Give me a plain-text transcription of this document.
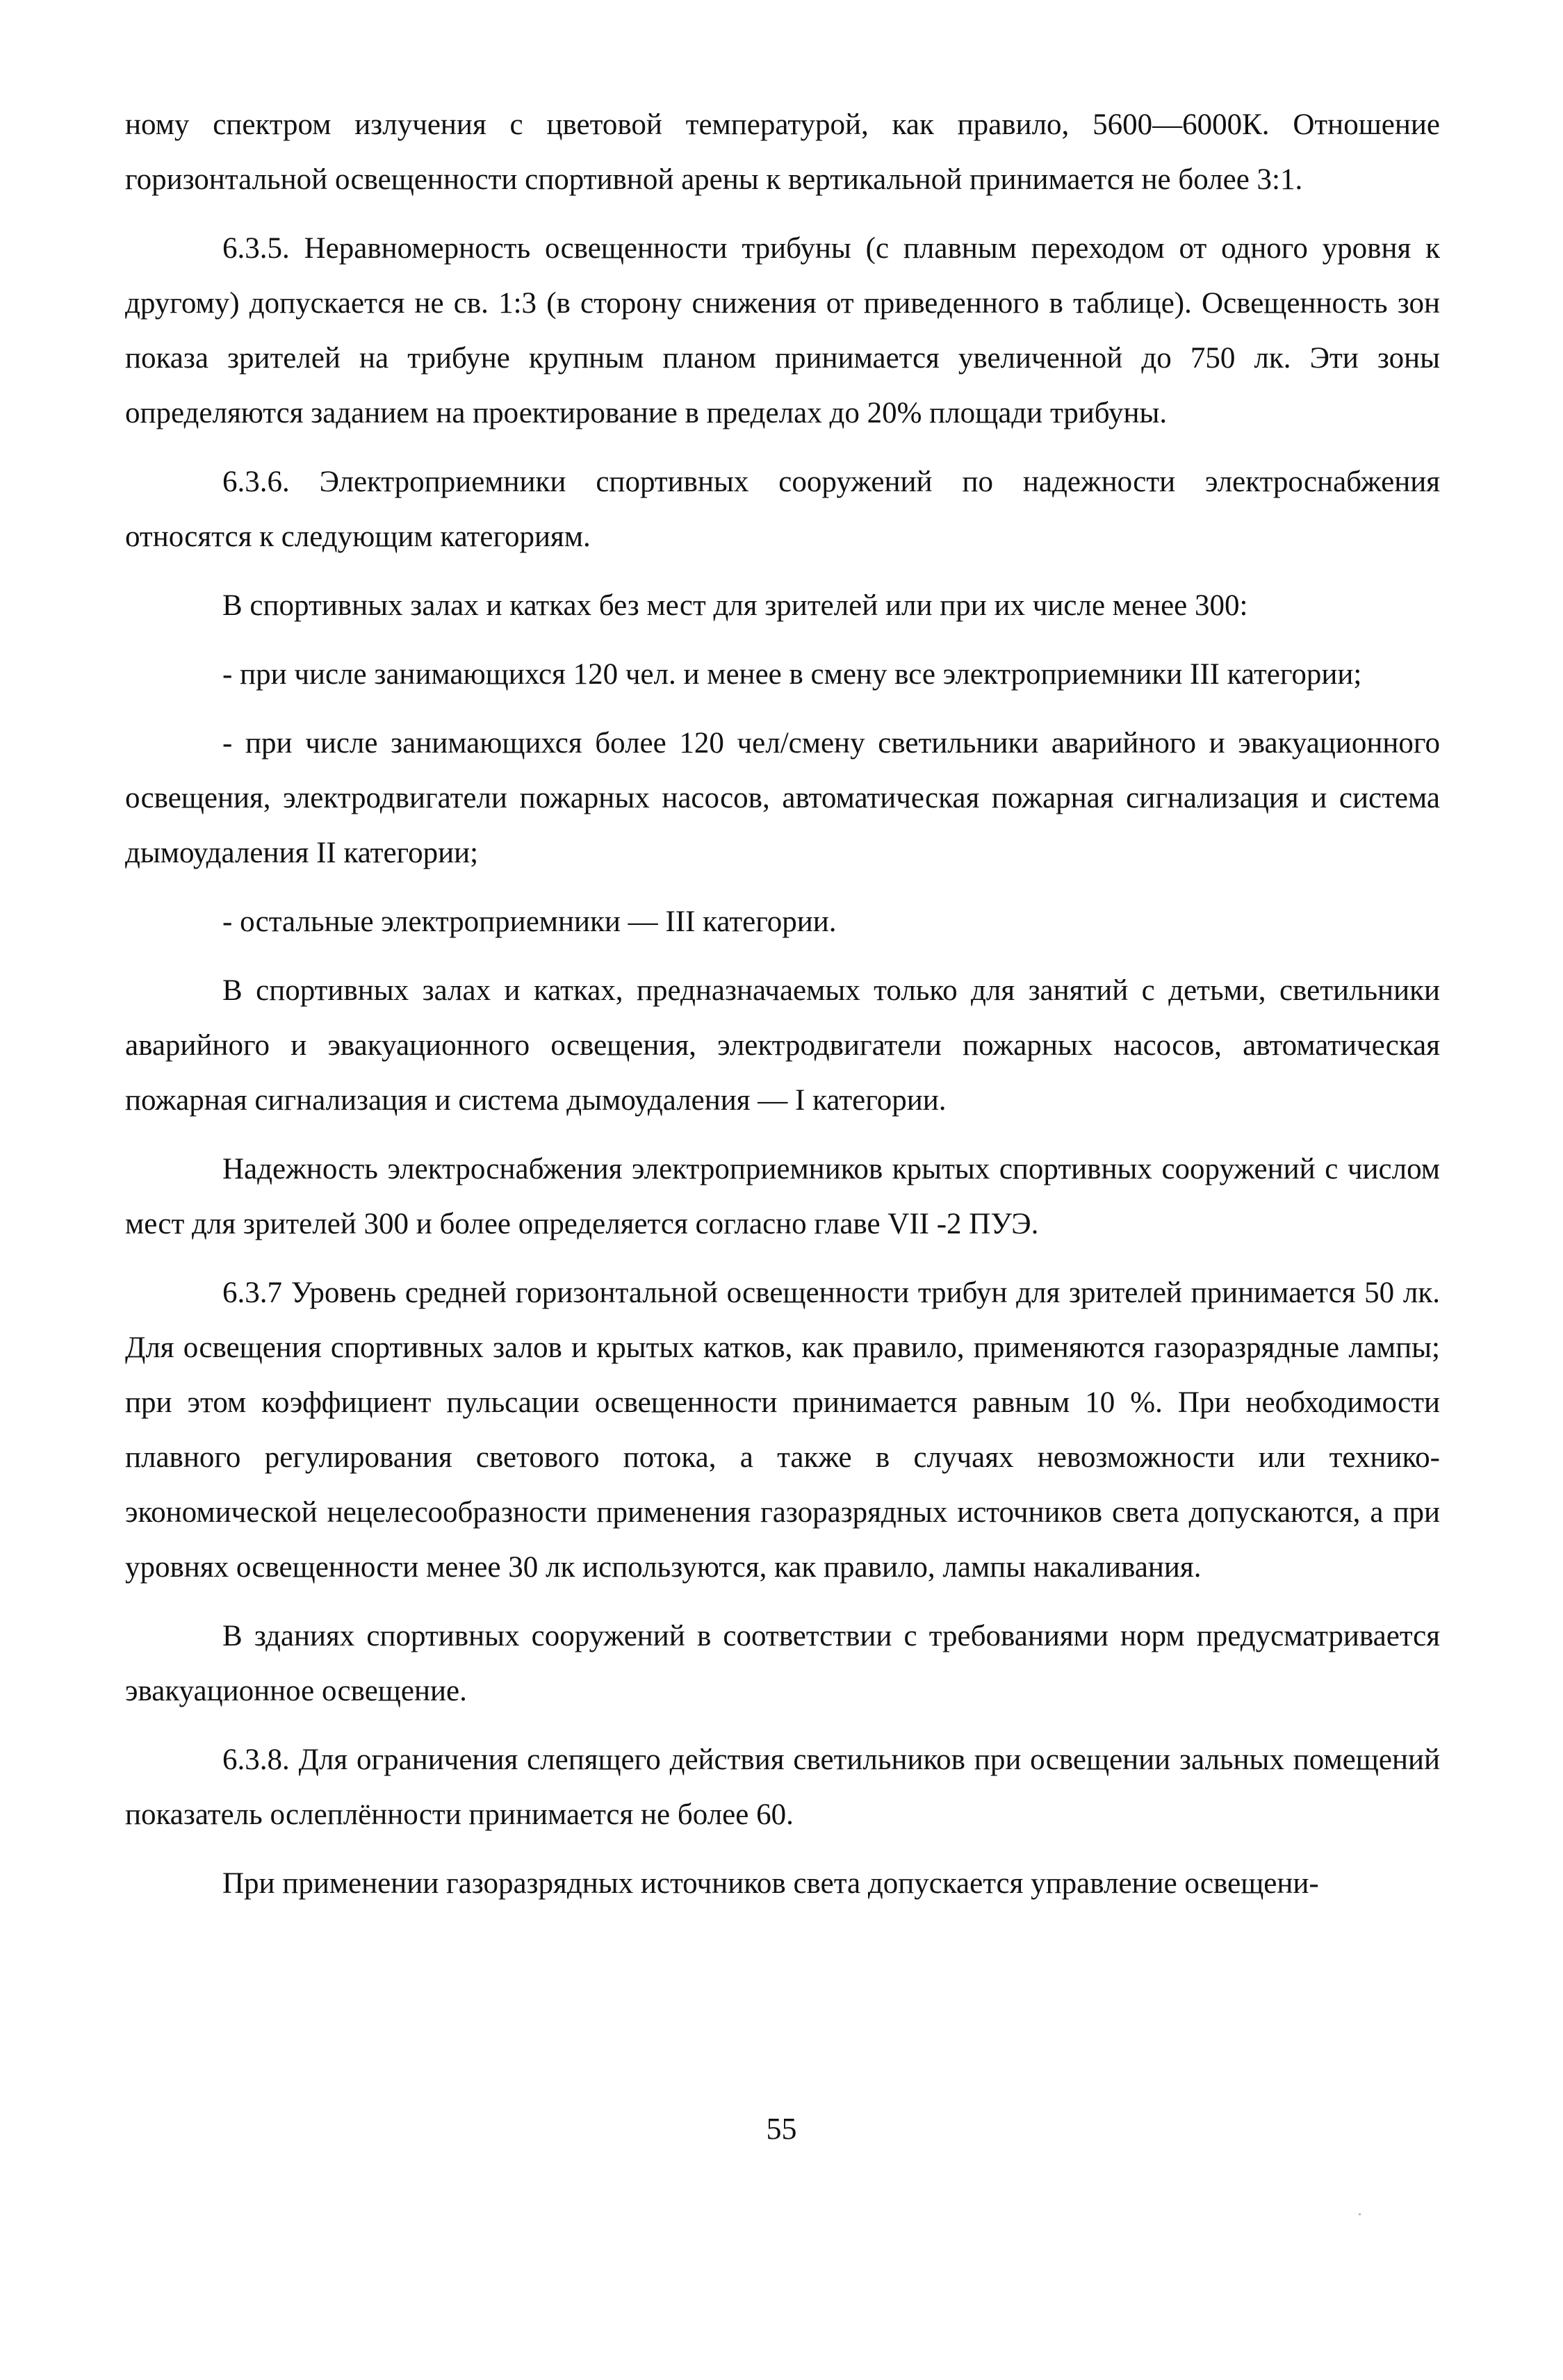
ному спектром излучения с цветовой температурой, как правило, 5600—6000К. Отношение горизонтальной освещенности спортивной арены к вертикальной принимается не более 3:1.

6.3.5. Неравномерность освещенности трибуны (с плавным переходом от одного уровня к другому) допускается не св. 1:3 (в сторону снижения от приведенного в таблице). Освещенность зон показа зрителей на трибуне крупным планом принимается увеличенной до 750 лк. Эти зоны определяются заданием на проектирование в пределах до 20% площади трибуны.

6.3.6. Электроприемники спортивных сооружений по надежности электроснабжения относятся к следующим категориям.

В спортивных залах и катках без мест для зрителей или при их числе менее 300:

- при числе занимающихся 120 чел. и менее в смену все электроприемники III категории;

- при числе занимающихся более 120 чел/смену светильники аварийного и эвакуационного освещения, электродвигатели пожарных насосов, автоматическая пожарная сигнализация и система дымоудаления II категории;

- остальные электроприемники — III категории.

В спортивных залах и катках, предназначаемых только для занятий с детьми, светильники аварийного и эвакуационного освещения, электродвигатели пожарных насосов, автоматическая пожарная сигнализация и система дымоудаления — I категории.

Надежность электроснабжения электроприемников крытых спортивных сооружений с числом мест для зрителей 300 и более определяется согласно главе VII -2 ПУЭ.

6.3.7 Уровень средней горизонтальной освещенности трибун для зрителей принимается 50 лк. Для освещения спортивных залов и крытых катков, как правило, применяются газоразрядные лампы; при этом коэффициент пульсации освещенности принимается равным 10 %. При необходимости плавного регулирования светового потока, а также в случаях невозможности или технико-экономической нецелесообразности применения газоразрядных источников света допускаются, а при уровнях освещенности менее 30 лк используются, как правило, лампы накаливания.

В зданиях спортивных сооружений в соответствии с требованиями норм предусматривается эвакуационное освещение.

6.3.8. Для ограничения слепящего действия светильников при освещении зальных помещений показатель ослеплённости принимается не более 60.

При применении газоразрядных источников света допускается управление освещени-

55
